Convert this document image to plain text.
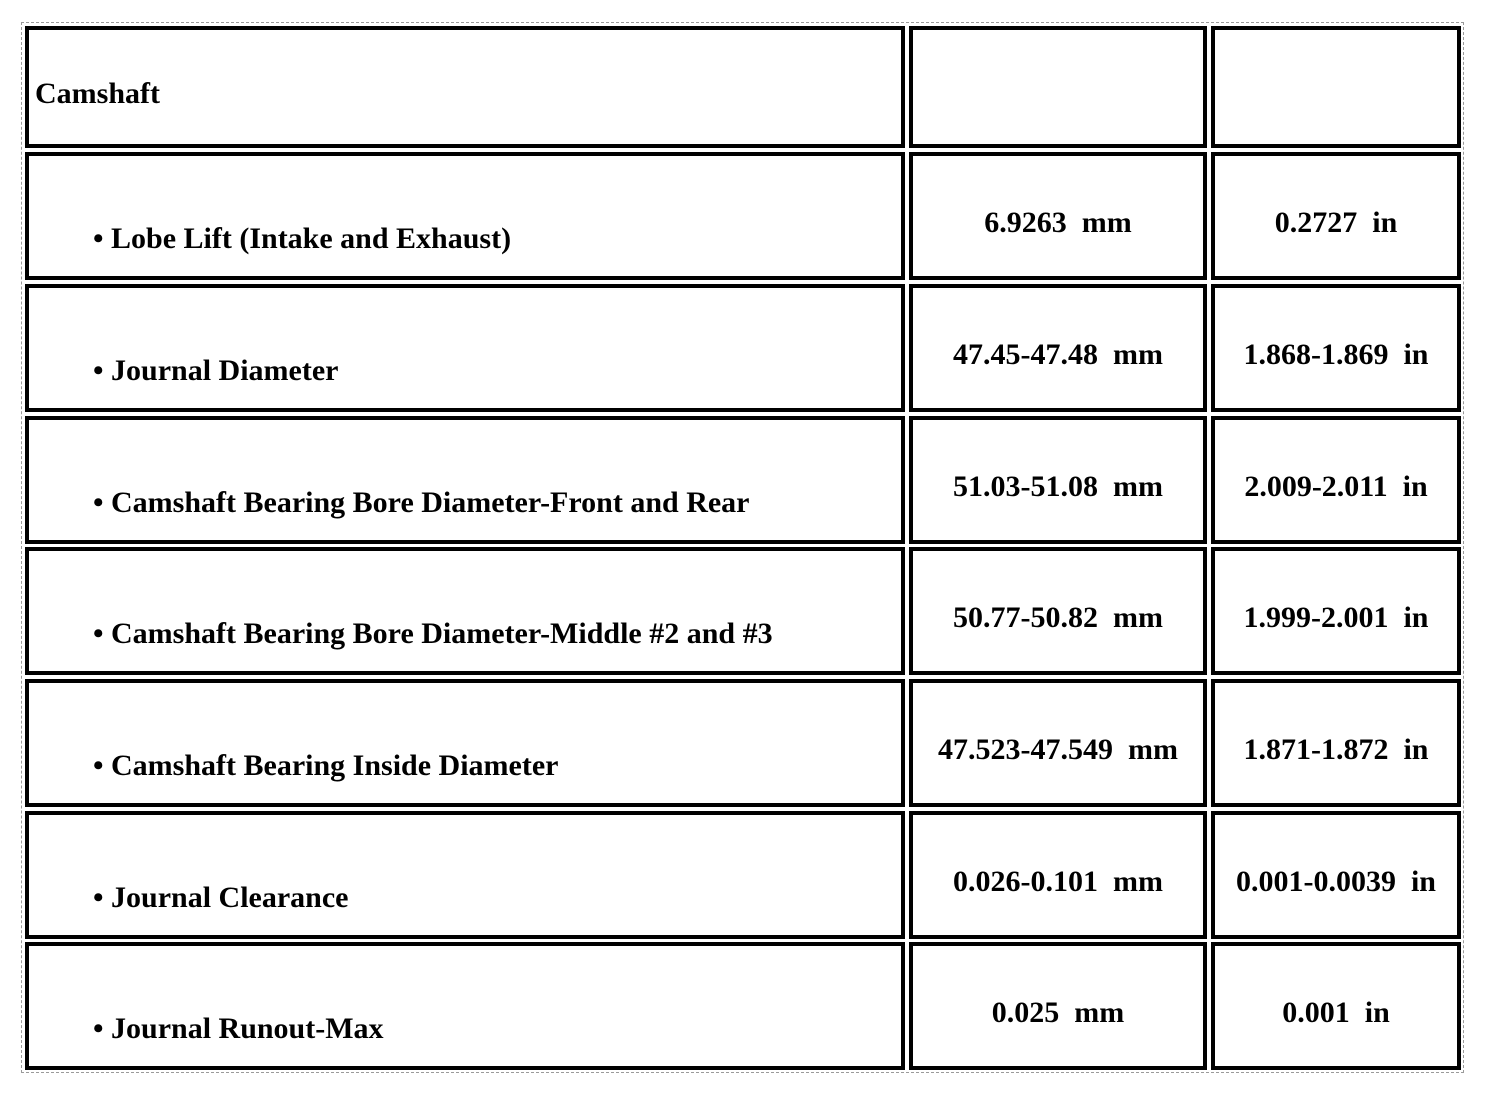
Camshaft
• Lobe Lift (Intake and Exhaust)	6.9263  mm	0.2727  in
• Journal Diameter	47.45-47.48  mm	1.868-1.869  in
• Camshaft Bearing Bore Diameter-Front and Rear	51.03-51.08  mm	2.009-2.011  in
• Camshaft Bearing Bore Diameter-Middle #2 and #3	50.77-50.82  mm	1.999-2.001  in
• Camshaft Bearing Inside Diameter	47.523-47.549  mm	1.871-1.872  in
• Journal Clearance	0.026-0.101  mm	0.001-0.0039  in
• Journal Runout-Max	0.025  mm	0.001  in
